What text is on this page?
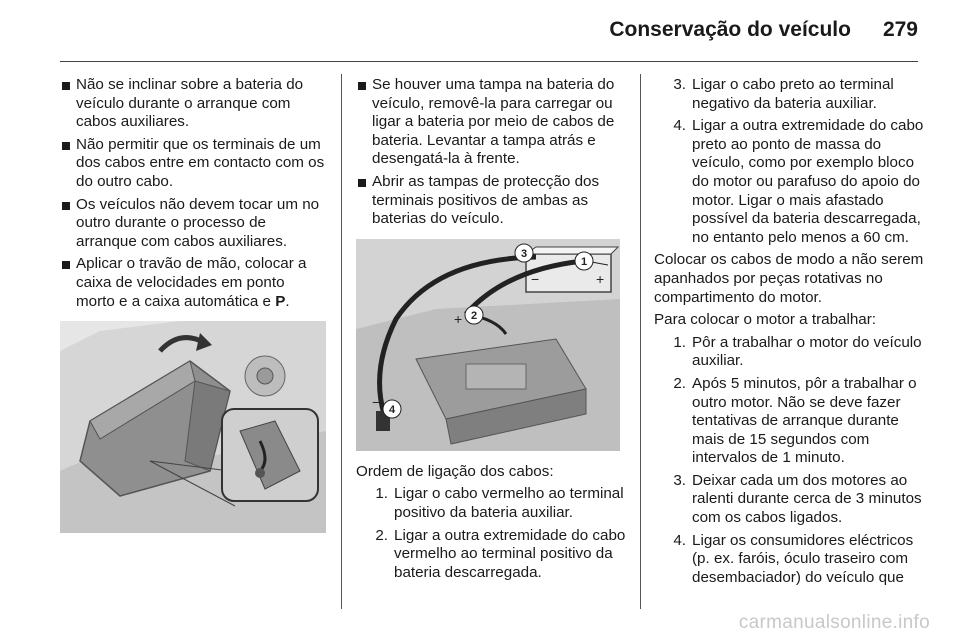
Conservação do veículo 279
Não se inclinar sobre a bateria do veículo durante o arranque com cabos auxiliares.
Não permitir que os terminais de um dos cabos entre em contacto com os do outro cabo.
Os veículos não devem tocar um no outro durante o processo de arranque com cabos auxiliares.
Aplicar o travão de mão, colocar a caixa de velocidades em ponto morto e a caixa automática e P.
Se houver uma tampa na bateria do veículo, removê-la para carregar ou ligar a bateria por meio de cabos de bateria. Levantar a tampa atrás e desengatá-la à frente.
Abrir as tampas de protecção dos terminais positivos de ambas as baterias do veículo.
1
3
2
4
+
−
+
−
Ordem de ligação dos cabos:
1. Ligar o cabo vermelho ao terminal positivo da bateria auxiliar.
2. Ligar a outra extremidade do cabo vermelho ao terminal positivo da bateria descarregada.
3. Ligar o cabo preto ao terminal negativo da bateria auxiliar.
4. Ligar a outra extremidade do cabo preto ao ponto de massa do veículo, como por exemplo bloco do motor ou parafuso do apoio do motor. Ligar o mais afastado possível da bateria descarregada, no entanto pelo menos a 60 cm.
Colocar os cabos de modo a não serem apanhados por peças rotativas no compartimento do motor.
Para colocar o motor a trabalhar:
1. Pôr a trabalhar o motor do veículo auxiliar.
2. Após 5 minutos, pôr a trabalhar o outro motor. Não se deve fazer tentativas de arranque durante mais de 15 segundos com intervalos de 1 minuto.
3. Deixar cada um dos motores ao ralenti durante cerca de 3 minutos com os cabos ligados.
4. Ligar os consumidores eléctricos (p. ex. faróis, óculo traseiro com desembaciador) do veículo que
carmanualsonline.info
